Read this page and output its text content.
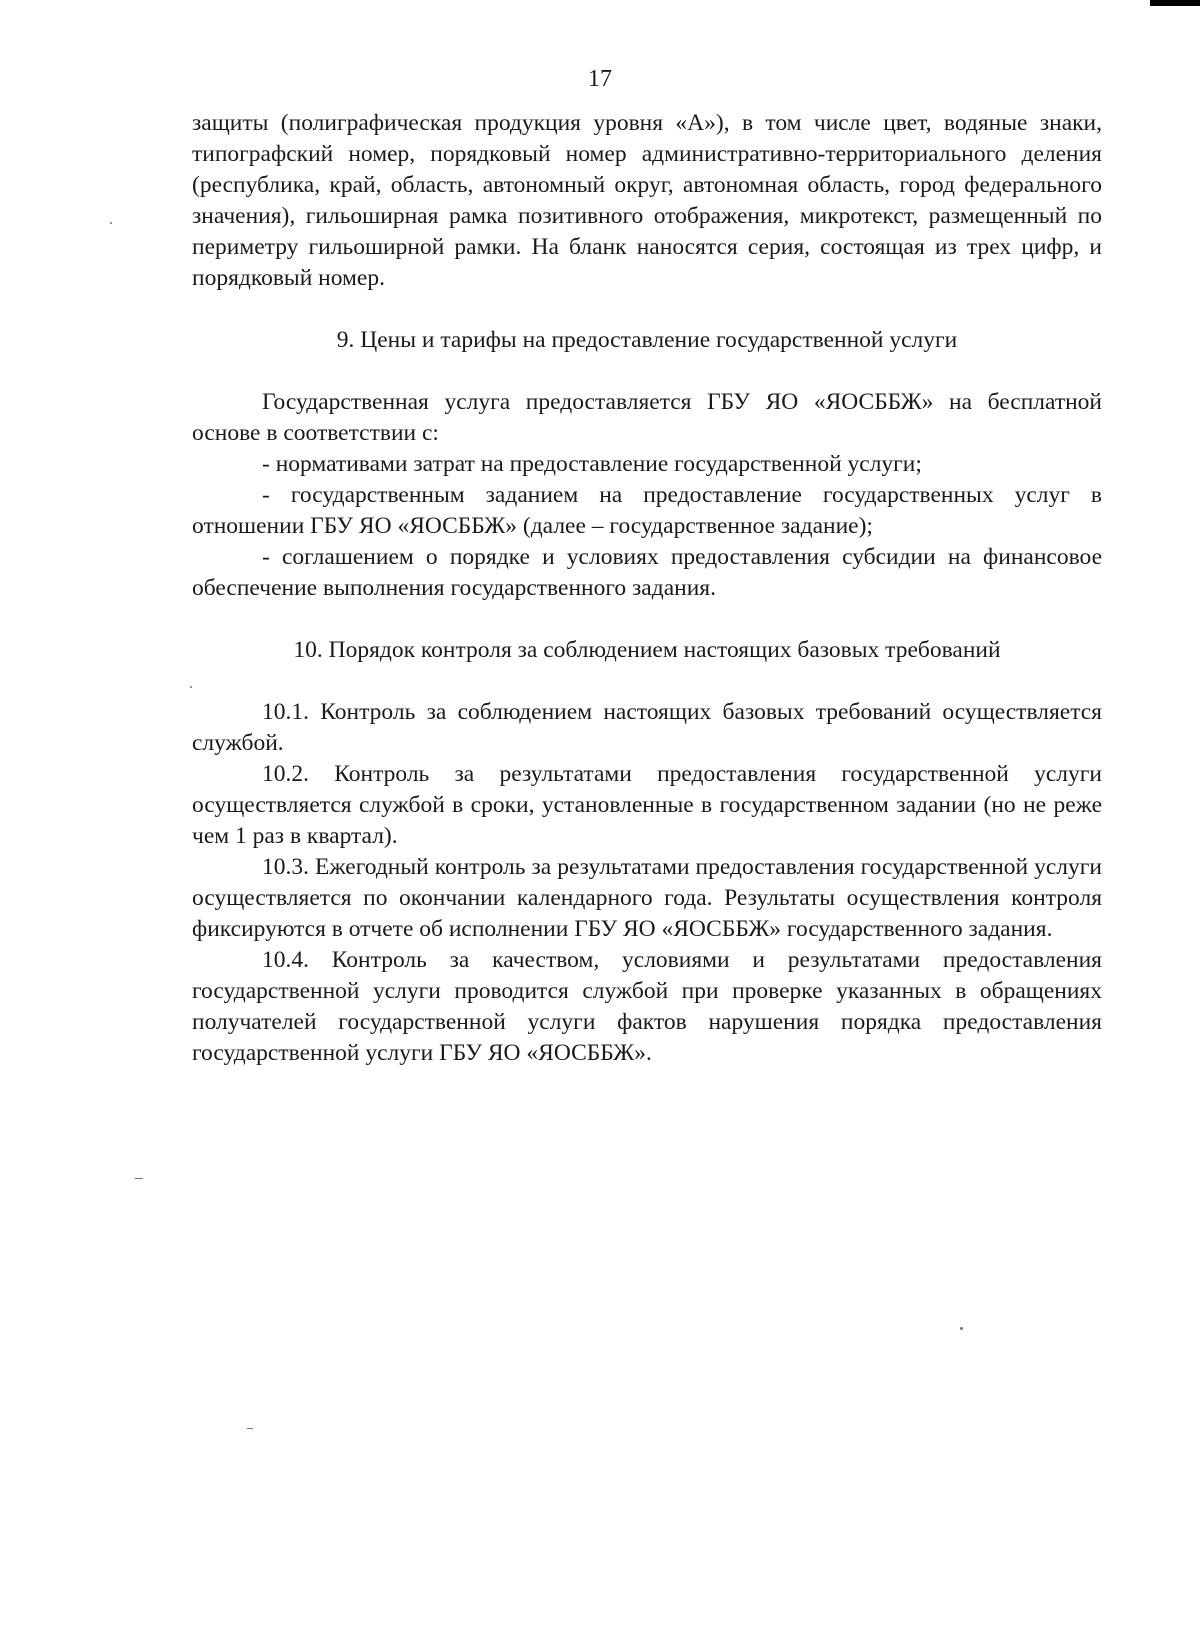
17

защиты (полиграфическая продукция уровня «А»), в том числе цвет, водяные знаки, типографский номер, порядковый номер административно-территориального деления (республика, край, область, автономный округ, автономная область, город федерального значения), гильоширная рамка позитивного отображения, микротекст, размещенный по периметру гильоширной рамки. На бланк наносятся серия, состоящая из трех цифр, и порядковый номер.

9. Цены и тарифы на предоставление государственной услуги

Государственная услуга предоставляется ГБУ ЯО «ЯОСББЖ» на бесплатной основе в соответствии с:

- нормативами затрат на предоставление государственной услуги;

- государственным заданием на предоставление государственных услуг в отношении ГБУ ЯО «ЯОСББЖ» (далее – государственное задание);

- соглашением о порядке и условиях предоставления субсидии на финансовое обеспечение выполнения государственного задания.

10. Порядок контроля за соблюдением настоящих базовых требований

10.1. Контроль за соблюдением настоящих базовых требований осуществляется службой.

10.2. Контроль за результатами предоставления государственной услуги осуществляется службой в сроки, установленные в государственном задании (но не реже чем 1 раз в квартал).

10.3. Ежегодный контроль за результатами предоставления государственной услуги осуществляется по окончании календарного года. Результаты осуществления контроля фиксируются в отчете об исполнении ГБУ ЯО «ЯОСББЖ» государственного задания.

10.4. Контроль за качеством, условиями и результатами предоставления государственной услуги проводится службой при проверке указанных в обращениях получателей государственной услуги фактов нарушения порядка предоставления государственной услуги ГБУ ЯО «ЯОСББЖ».
